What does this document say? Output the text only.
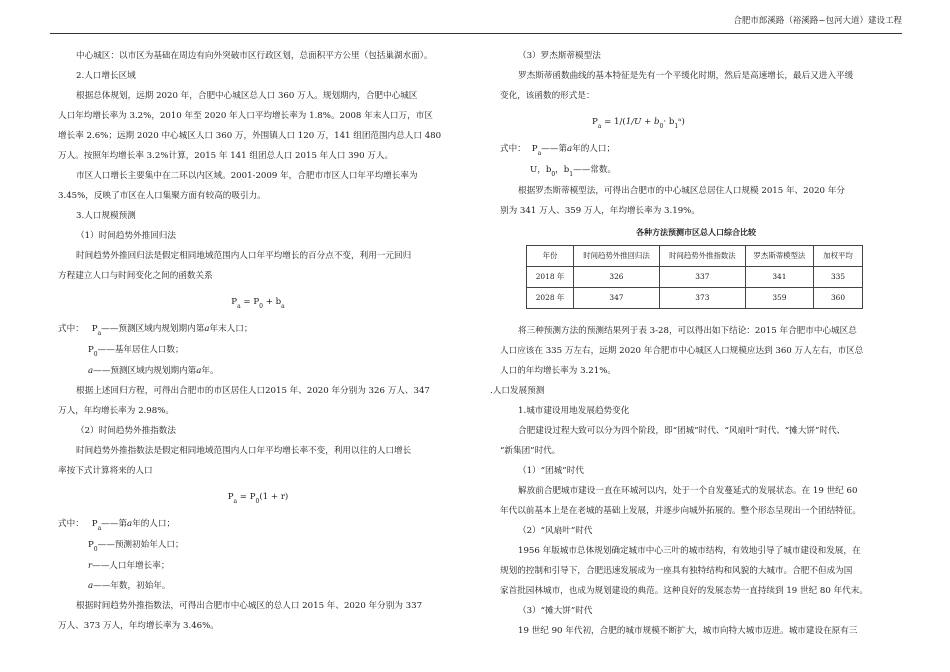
合肥市郎溪路（裕溪路~包河大道）建设工程

中心城区：以市区为基础在周边有向外突破市区行政区划，总面积平方公里（包括巢湖水面）。

2.人口增长区域

根据总体规划，远期 2020 年，合肥中心城区总人口 360 万人。规划期内，合肥中心城区

人口年均增长率为 3.2%，2010 年至 2020 年人口平均增长率为 1.8%。2008 年末人口万，市区

增长率 2.6%；远期 2020 中心城区人口 360 万，外围镇人口 120 万，141 组团范围内总人口 480

万人。按照年均增长率 3.2%计算，2015 年 141 组团总人口 2015 年人口 390 万人。

市区人口增长主要集中在二环以内区域。2001-2009 年，合肥市市区人口年平均增长率为

3.45%，反映了市区在人口集聚方面有较高的吸引力。

3.人口规模预测

（1）时间趋势外推回归法

时间趋势外推回归法是假定相同地域范围内人口年平均增长的百分点不变，利用一元回归

方程建立人口与时间变化之间的函数关系

$P_a = P_0 + b_a$
式中： P a ——预测区域内规划期内第 a 年末人口；
P 0 ——基年居住人口数；
a ——预测区域内规划期内第 a 年。

根据上述回归方程，可得出合肥市的市区居住人口2015 年、2020 年分别为 326 万人、347

万人，年均增长率为 2.98%。

（2）时间趋势外推指数法

时间趋势外推指数法是假定相同地域范围内人口年平均增长率不变，利用以往的人口增长

率按下式计算将来的人口

$P_a = P_0(1 + r)$
式中： P a ——第 a 年的人口；
P 0 ——预测初始年人口；
r ——人口年增长率；
a ——年数，初始年。

根据时间趋势外推指数法，可得出合肥市中心城区的总人口 2015 年、2020 年分别为 337

万人、373 万人，年均增长率为 3.46%。

（3）罗杰斯蒂模型法

罗杰斯蒂函数曲线的基本特征是先有一个平缓化时期，然后是高速增长，最后又进入平缓

变化，该函数的形式是：

$P_a = 1/(1/U + b_0\cdot$ $b_1ᵃ$)
式中： P a ——第 a 年的人口；
U，b 0 ，b 1 ——常数。

根据罗杰斯蒂模型法，可得出合肥市的中心城区总居住人口规模 2015 年、2020 年分

别为 341 万人、359 万人，年均增长率为 3.19%。

各种方法预测市区总人口综合比较
年份	时间趋势外推回归法	时间趋势外推指数法	罗杰斯蒂模型法	加权平均
2018 年	326	337	341	335
2028 年	347	373	359	360

将三种预测方法的预测结果列于表 3-28，可以得出如下结论：2015 年合肥市中心城区总

人口应该在 335 万左右，远期 2020 年合肥市中心城区人口规模应达到 360 万人左右，市区总

人口的年均增长率为 3.21%。

.人口发展预测

1.城市建设用地发展趋势变化

合肥建设过程大致可以分为四个阶段，即“团城”时代、“风扇叶”时代、“摊大饼”时代、

“新集团”时代。

（1）“团城”时代

解放前合肥城市建设一直在环城河以内，处于一个自发蔓延式的发展状态。在 19 世纪 60

年代以前基本上是在老城的基础上发展，并逐步向城外拓展的。整个形态呈现出一个团结特征。

（2）“风扇叶”时代

1956 年版城市总体规划确定城市中心三叶的城市结构，有效地引导了城市建设和发展，在

规划的控制和引导下，合肥迅速发展成为一座具有独特结构和风貌的大城市。合肥不但成为国

家首批园林城市，也成为规划建设的典范。这种良好的发展态势一直持续到 19 世纪 80 年代末。

（3）“摊大饼”时代

19 世纪 90 年代初，合肥的城市规模不断扩大，城市向特大城市迈进。城市建设在原有三
